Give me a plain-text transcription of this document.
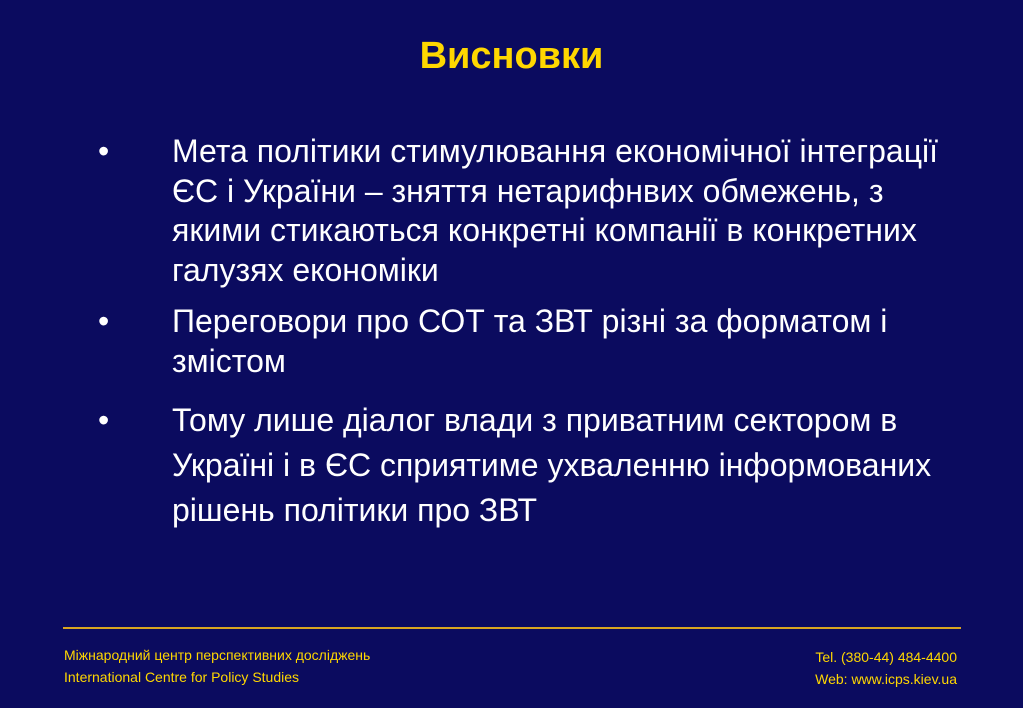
Висновки
• Мета політики стимулювання економічної інтеграції ЄС і України – зняття нетарифнвих обмежень, з якими стикаються конкретні компанії в конкретних галузях економіки
• Переговори про СОТ та ЗВТ різні за форматом і змістом
• Тому лише діалог влади з приватним сектором в Україні і в ЄС сприятиме ухваленню інформованих рішень політики про ЗВТ
Міжнародний центр перспективних досліджень
International Centre for Policy Studies
Tel. (380-44) 484-4400
Web: www.icps.kiev.ua
